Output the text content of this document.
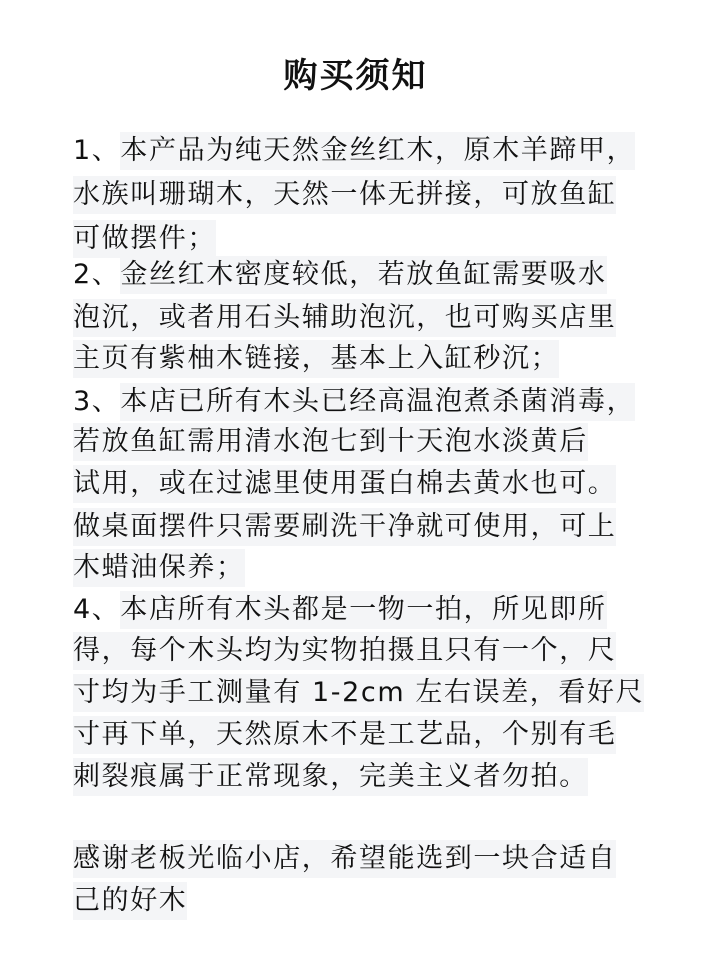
购买须知
1、本产品为纯天然金丝红木，原木羊蹄甲，
水族叫珊瑚木，天然一体无拼接，可放鱼缸
可做摆件；
2、金丝红木密度较低，若放鱼缸需要吸水
泡沉，或者用石头辅助泡沉，也可购买店里
主页有紫柚木链接，基本上入缸秒沉；
3、本店已所有木头已经高温泡煮杀菌消毒，
若放鱼缸需用清水泡七到十天泡水淡黄后
试用，或在过滤里使用蛋白棉去黄水也可。
做桌面摆件只需要刷洗干净就可使用，可上
木蜡油保养；
4、本店所有木头都是一物一拍，所见即所
得，每个木头均为实物拍摄且只有一个，尺
寸均为手工测量有 1-2cm 左右误差，看好尺
寸再下单，天然原木不是工艺品，个别有毛
刺裂痕属于正常现象，完美主义者勿拍。
感谢老板光临小店，希望能选到一块合适自
己的好木
